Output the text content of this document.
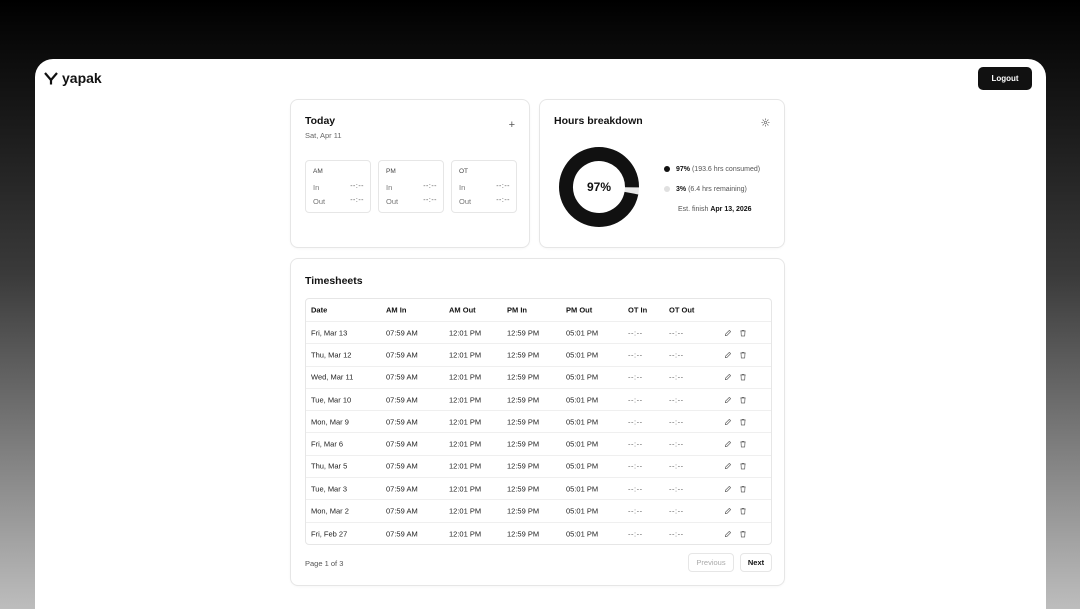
yapak	Logout
Today
Sat, Apr 11
+
AM
In	--:--
Out	--:--
PM
In	--:--
Out	--:--
OT
In	--:--
Out	--:--
Hours breakdown
97%
97% (193.6 hrs consumed)
3% (6.4 hrs remaining)
Est. finish Apr 13, 2026
Timesheets
Date	AM In	AM Out	PM In	PM Out	OT In	OT Out
Fri, Mar 13	07:59 AM	12:01 PM	12:59 PM	05:01 PM	--:--	--:--
Thu, Mar 12	07:59 AM	12:01 PM	12:59 PM	05:01 PM	--:--	--:--
Wed, Mar 11	07:59 AM	12:01 PM	12:59 PM	05:01 PM	--:--	--:--
Tue, Mar 10	07:59 AM	12:01 PM	12:59 PM	05:01 PM	--:--	--:--
Mon, Mar 9	07:59 AM	12:01 PM	12:59 PM	05:01 PM	--:--	--:--
Fri, Mar 6	07:59 AM	12:01 PM	12:59 PM	05:01 PM	--:--	--:--
Thu, Mar 5	07:59 AM	12:01 PM	12:59 PM	05:01 PM	--:--	--:--
Tue, Mar 3	07:59 AM	12:01 PM	12:59 PM	05:01 PM	--:--	--:--
Mon, Mar 2	07:59 AM	12:01 PM	12:59 PM	05:01 PM	--:--	--:--
Fri, Feb 27	07:59 AM	12:01 PM	12:59 PM	05:01 PM	--:--	--:--
Page 1 of 3	Previous	Next
